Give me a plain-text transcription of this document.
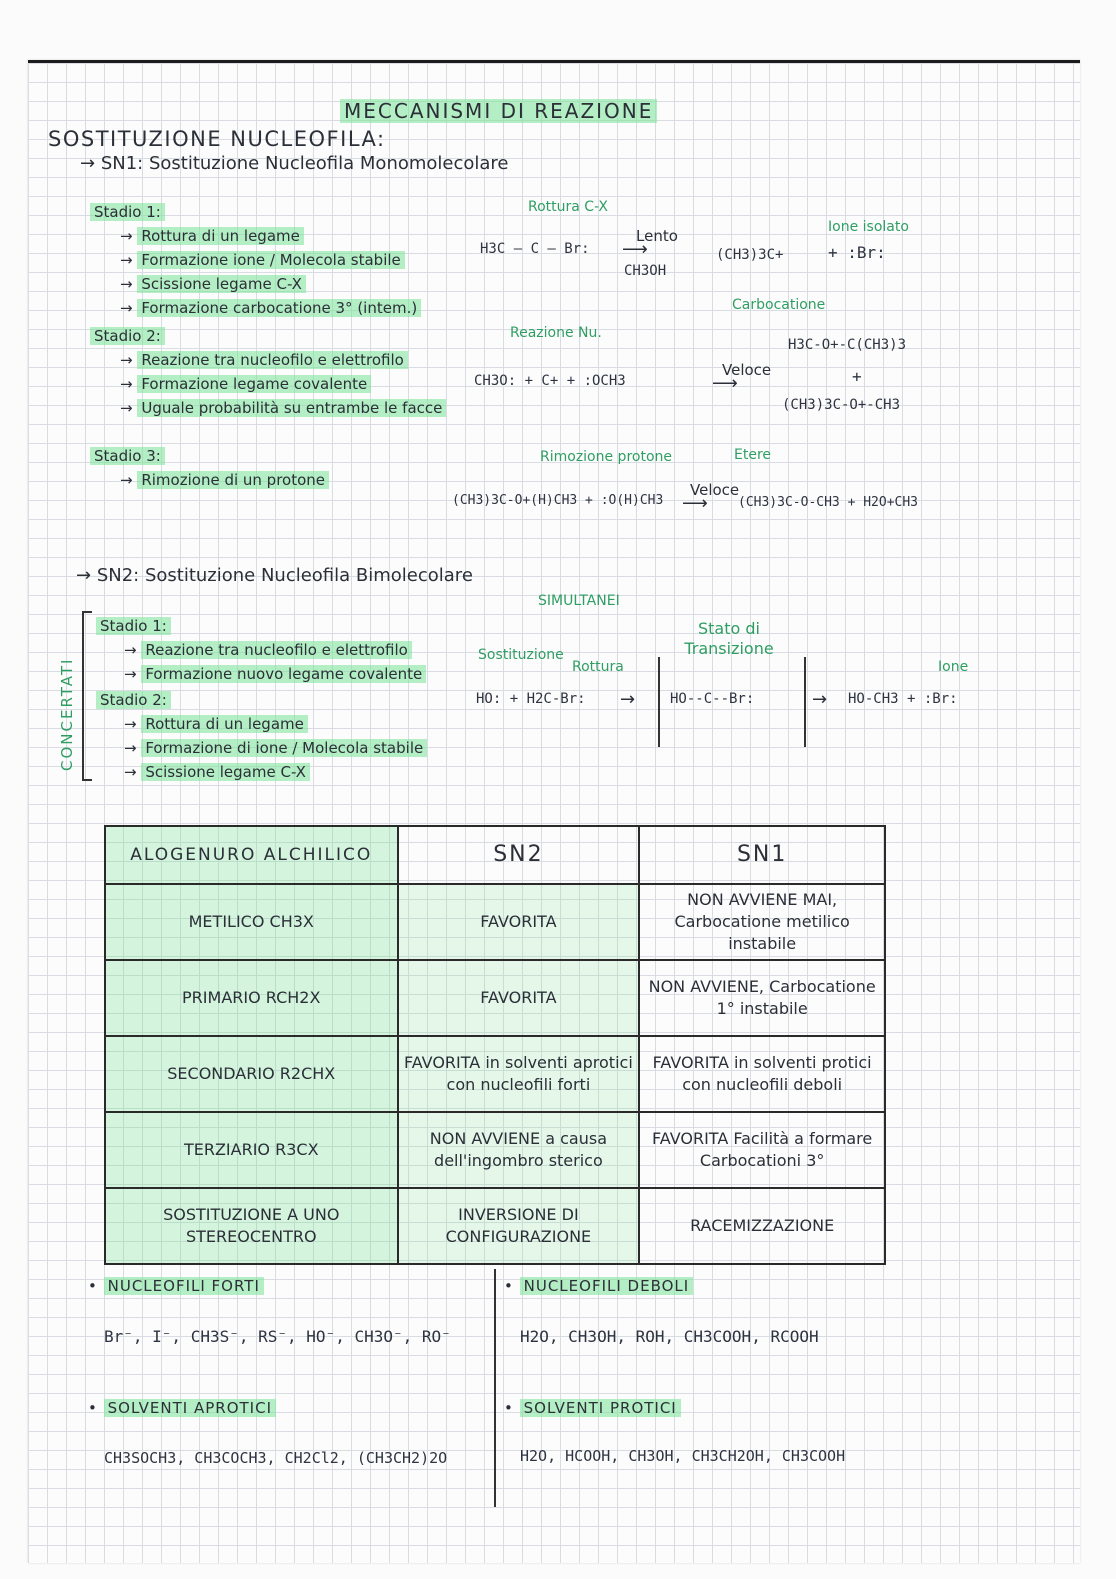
MECCANISMI DI REAZIONE
SOSTITUZIONE NUCLEOFILA:
→ SN1: Sostituzione Nucleofila Monomolecolare
Stadio 1:
→ Rottura di un legame
→ Formazione ione / Molecola stabile
→ Scissione legame C-X
→ Formazione carbocatione 3° (intem.)
Stadio 2:
→ Reazione tra nucleofilo e elettrofilo
→ Formazione legame covalente
→ Uguale probabilità su entrambe le facce
Stadio 3:
→ Rimozione di un protone
Rottura C-X
H3C — C — Br:
Lento
⟶
CH3OH
(CH3)3C+
Ione isolato
+ :Br:
Carbocatione
Reazione Nu.
CH3O: + C+ + :OCH3
Veloce
⟶
H3C-O+-C(CH3)3
+
(CH3)3C-O+-CH3
Rimozione protone	Etere
(CH3)3C-O+(H)CH3 + :O(H)CH3
Veloce
⟶ (CH3)3C-O-CH3 + H2O+CH3
→ SN2: Sostituzione Nucleofila Bimolecolare
SIMULTANEI
CONCERTATI
Stadio 1:
→ Reazione tra nucleofilo e elettrofilo
→ Formazione nuovo legame covalente
Stadio 2:
→ Rottura di un legame
→ Formazione di ione / Molecola stabile
→ Scissione legame C-X
Sostituzione
Rottura
Stato di Transizione
HO: + H2C-Br: → HO--C--Br:	→ HO-CH3 + :Br:
Ione
ALOGENURO ALCHILICO	SN2	SN1
METILICO CH3X	FAVORITA	NON AVVIENE MAI, Carbocatione metilico instabile
PRIMARIO RCH2X	FAVORITA	NON AVVIENE, Carbocatione 1° instabile
SECONDARIO R2CHX	FAVORITA in solventi aprotici con nucleofili forti	FAVORITA in solventi protici con nucleofili deboli
TERZIARIO R3CX	NON AVVIENE a causa dell'ingombro sterico	FAVORITA Facilità a formare Carbocationi 3°
SOSTITUZIONE A UNO STEREOCENTRO	INVERSIONE DI CONFIGURAZIONE	RACEMIZZAZIONE
• NUCLEOFILI FORTI
Br⁻, I⁻, CH3S⁻, RS⁻, HO⁻, CH3O⁻, RO⁻
• NUCLEOFILI DEBOLI
H2O, CH3OH, ROH, CH3COOH, RCOOH
• SOLVENTI APROTICI
CH3SOCH3, CH3COCH3, CH2Cl2, (CH3CH2)2O
• SOLVENTI PROTICI
H2O, HCOOH, CH3OH, CH3CH2OH, CH3COOH
